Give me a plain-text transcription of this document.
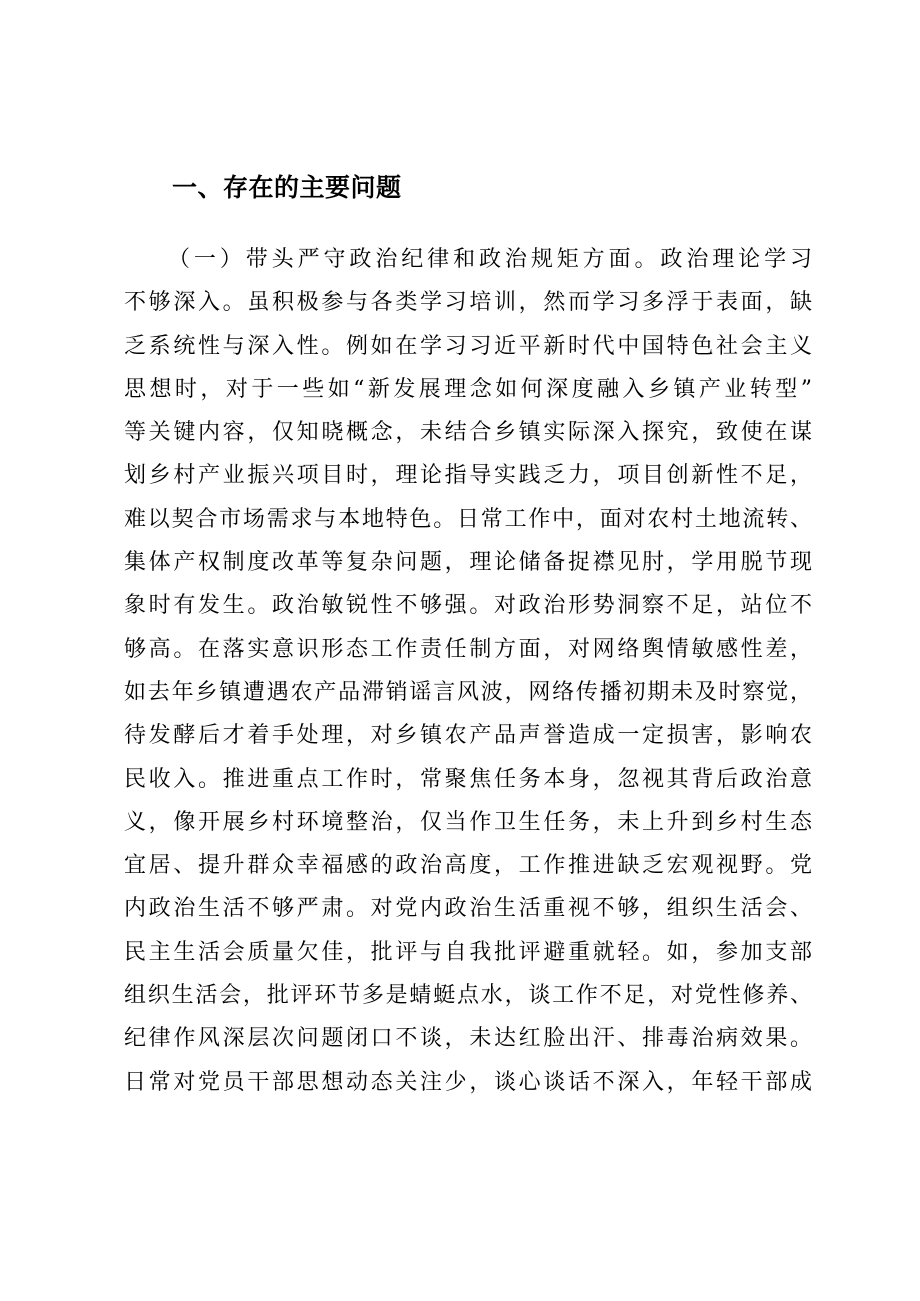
一、存在的主要问题
（一）带头严守政治纪律和政治规矩方面。政治理论学习
不够深入。虽积极参与各类学习培训，然而学习多浮于表面，缺
乏系统性与深入性。例如在学习习近平新时代中国特色社会主义
思想时，对于一些如“新发展理念如何深度融入乡镇产业转型”
等关键内容，仅知晓概念，未结合乡镇实际深入探究，致使在谋
划乡村产业振兴项目时，理论指导实践乏力，项目创新性不足，
难以契合市场需求与本地特色。日常工作中，面对农村土地流转、
集体产权制度改革等复杂问题，理论储备捉襟见肘，学用脱节现
象时有发生。政治敏锐性不够强。对政治形势洞察不足，站位不
够高。在落实意识形态工作责任制方面，对网络舆情敏感性差，
如去年乡镇遭遇农产品滞销谣言风波，网络传播初期未及时察觉，
待发酵后才着手处理，对乡镇农产品声誉造成一定损害，影响农
民收入。推进重点工作时，常聚焦任务本身，忽视其背后政治意
义，像开展乡村环境整治，仅当作卫生任务，未上升到乡村生态
宜居、提升群众幸福感的政治高度，工作推进缺乏宏观视野。党
内政治生活不够严肃。对党内政治生活重视不够，组织生活会、
民主生活会质量欠佳，批评与自我批评避重就轻。如，参加支部
组织生活会，批评环节多是蜻蜓点水，谈工作不足，对党性修养、
纪律作风深层次问题闭口不谈，未达红脸出汗、排毒治病效果。
日常对党员干部思想动态关注少，谈心谈话不深入，年轻干部成
